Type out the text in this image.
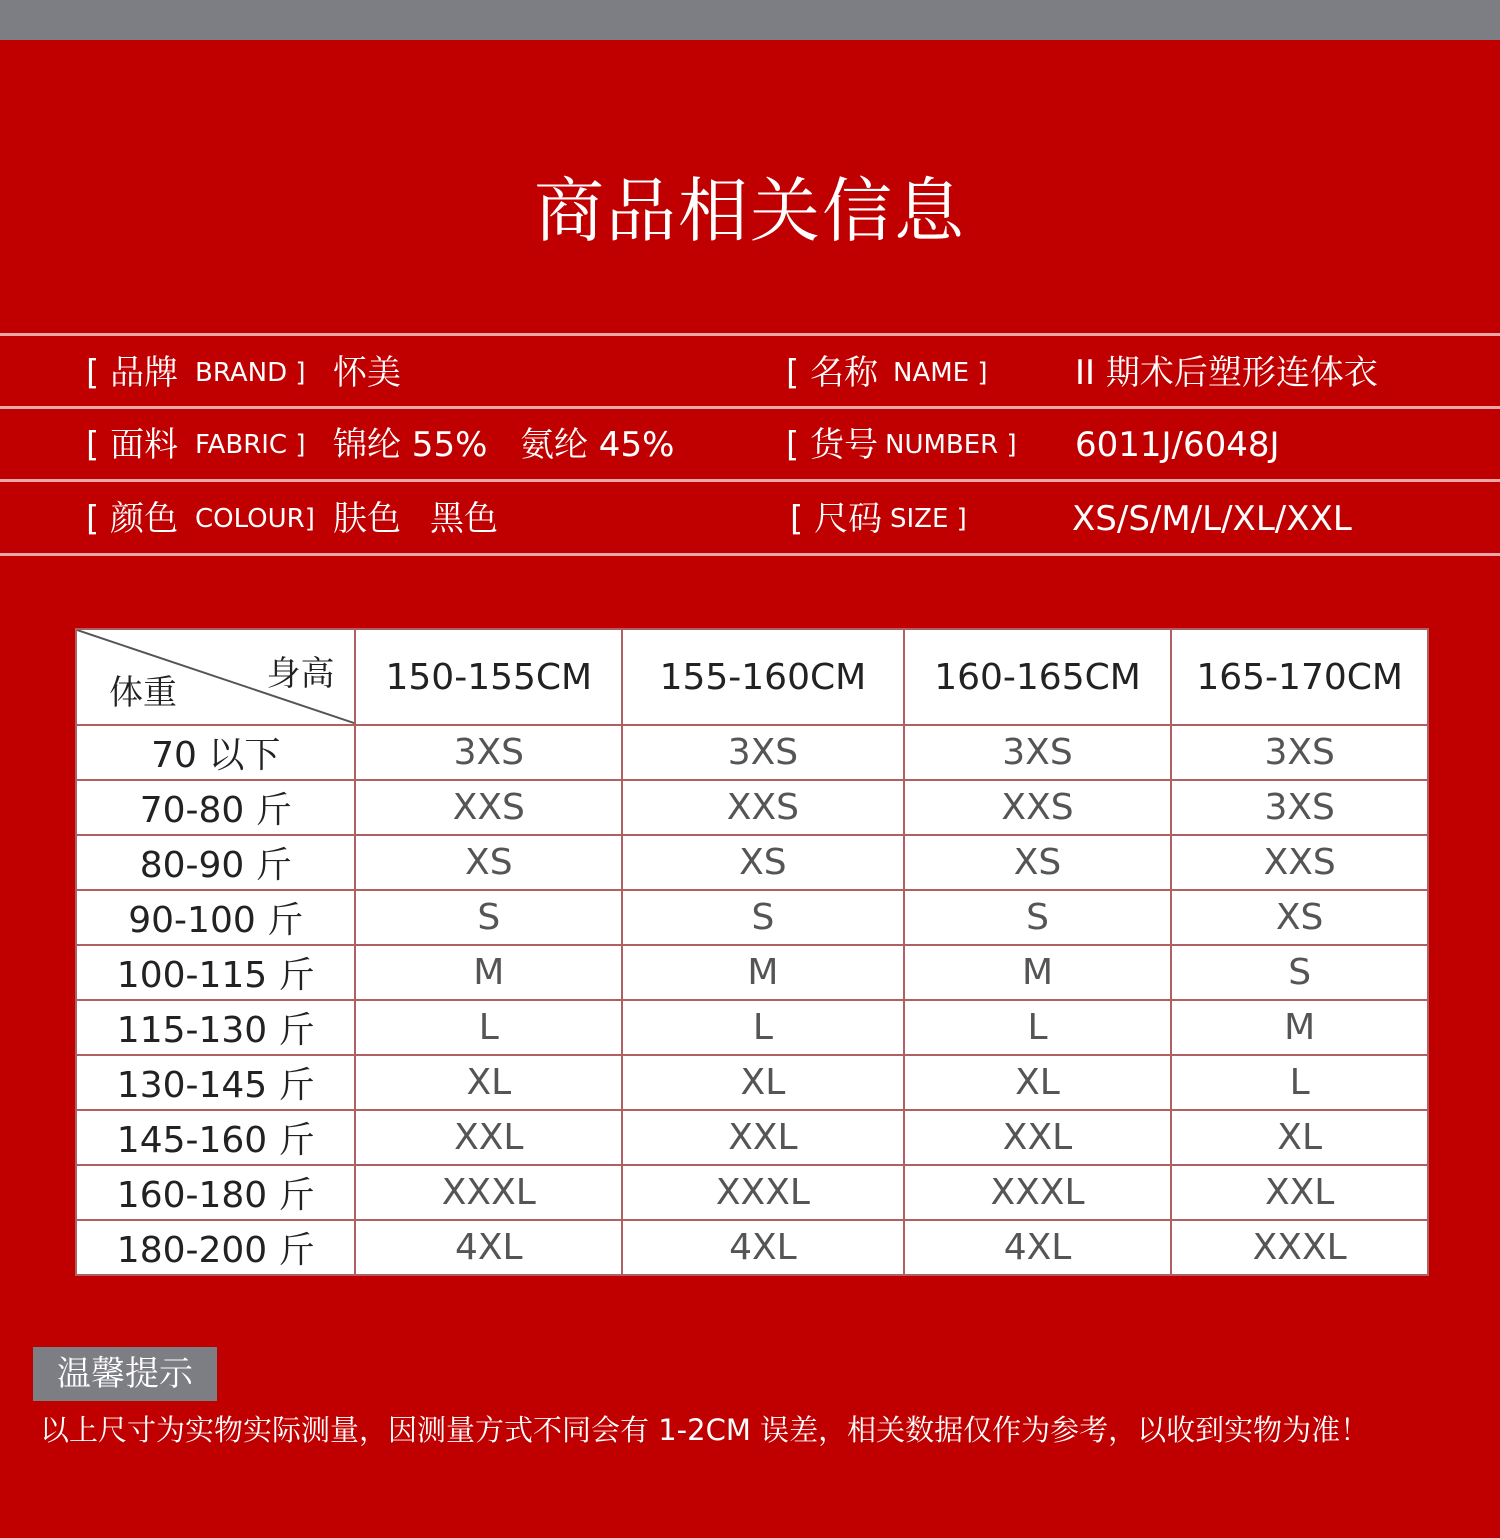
商品相关信息
[ 品牌 BRAND ] 怀美	[ 名称 NAME ]	II 期术后塑形连体衣
[ 面料 FABRIC ] 锦纶 55% 氨纶 45%	[ 货号 NUMBER ] 6011J/6048J
[ 颜色 COLOUR] 肤色 黑色	[ 尺码 SIZE ]	XS/S/M/L/XL/XXL
身高
体重	150-155CM	155-160CM	160-165CM	165-170CM
70 以下	3XS	3XS	3XS	3XS
70-80 斤	XXS	XXS	XXS	3XS
80-90 斤	XS	XS	XS	XXS
90-100 斤	S	S	S	XS
100-115 斤	M	M	M	S
115-130 斤	L	L	L	M
130-145 斤	XL	XL	XL	L
145-160 斤	XXL	XXL	XXL	XL
160-180 斤	XXXL	XXXL	XXXL	XXL
180-200 斤	4XL	4XL	4XL	XXXL
温馨提示
以上尺寸为实物实际测量，因测量方式不同会有 1-2CM 误差，相关数据仅作为参考，以收到实物为准！
